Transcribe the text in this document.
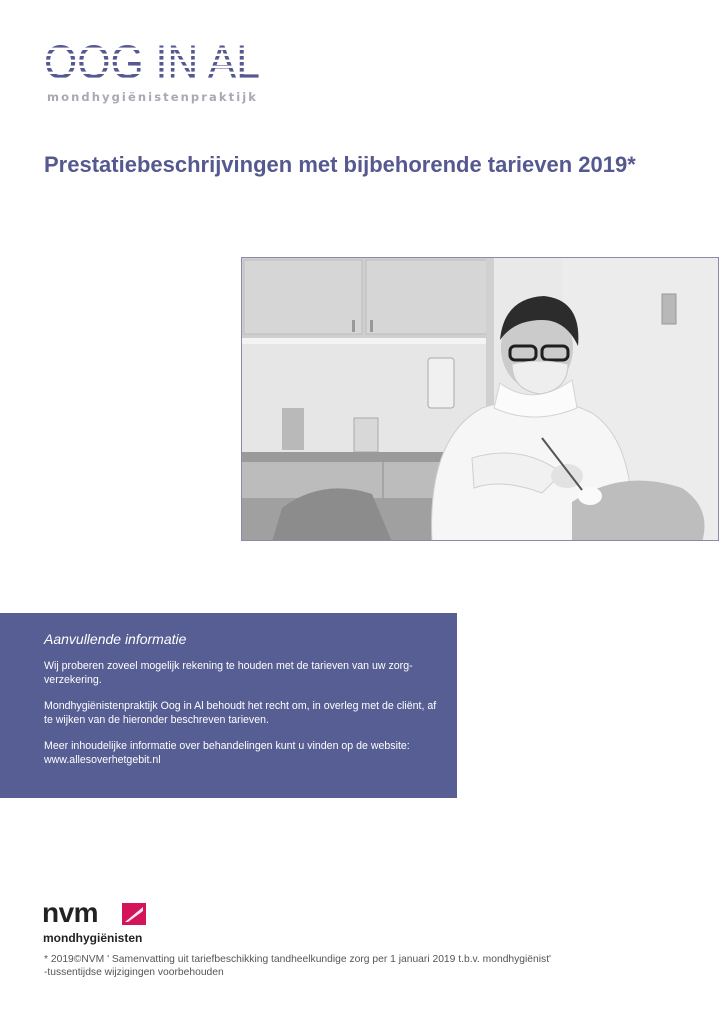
OOG IN AL
mondhygiënistenpraktijk
Prestatiebeschrijvingen met bijbehorende tarieven 2019*
Aanvullende informatie

Wij proberen zoveel mogelijk rekening te houden met de tarieven van uw zorg-verzekering.

Mondhygiënistenpraktijk Oog in Al behoudt het recht om, in overleg met de cliënt, af te wijken van de hieronder beschreven tarieven.

Meer inhoudelijke informatie over behandelingen kunt u vinden op de website: www.allesoverhetgebit.nl

nvm
mondhygiënisten
* 2019©NVM ' Samenvatting uit tariefbeschikking tandheelkundige zorg per 1 januari 2019 t.b.v. mondhygiënist'
-tussentijdse wijzigingen voorbehouden
